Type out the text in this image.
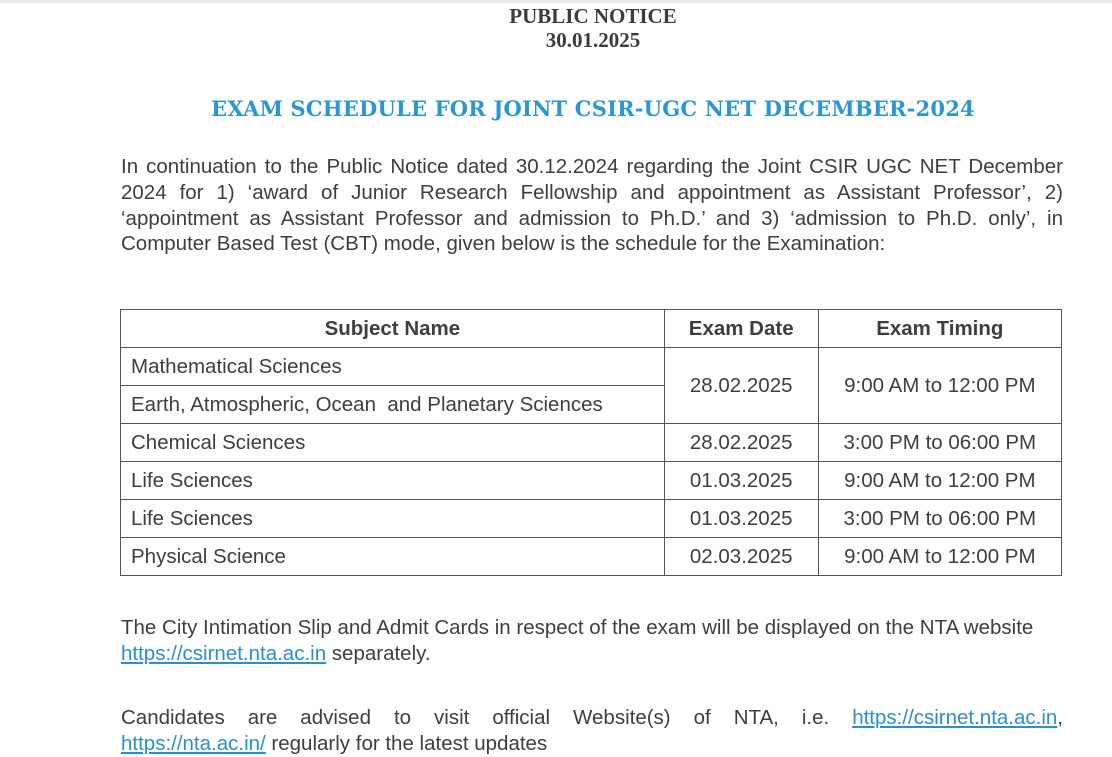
PUBLIC NOTICE
30.01.2025
EXAM SCHEDULE FOR JOINT CSIR-UGC NET DECEMBER-2024
In continuation to the Public Notice dated 30.12.2024 regarding the Joint CSIR UGC NET December 2024 for 1) ‘award of Junior Research Fellowship and appointment as Assistant Professor’, 2) ‘appointment as Assistant Professor and admission to Ph.D.’ and 3) ‘admission to Ph.D. only’, in Computer Based Test (CBT) mode, given below is the schedule for the Examination:
Subject Name	Exam Date	Exam Timing
Mathematical Sciences	28.02.2025	9:00 AM to 12:00 PM
Earth, Atmospheric, Ocean  and Planetary Sciences		
Chemical Sciences	28.02.2025	3:00 PM to 06:00 PM
Life Sciences	01.03.2025	9:00 AM to 12:00 PM
Life Sciences	01.03.2025	3:00 PM to 06:00 PM
Physical Science	02.03.2025	9:00 AM to 12:00 PM
The City Intimation Slip and Admit Cards in respect of the exam will be displayed on the NTA website https://csirnet.nta.ac.in separately.
Candidates are advised to visit official Website(s) of NTA, i.e. https://csirnet.nta.ac.in,
https://nta.ac.in/ regularly for the latest updates
